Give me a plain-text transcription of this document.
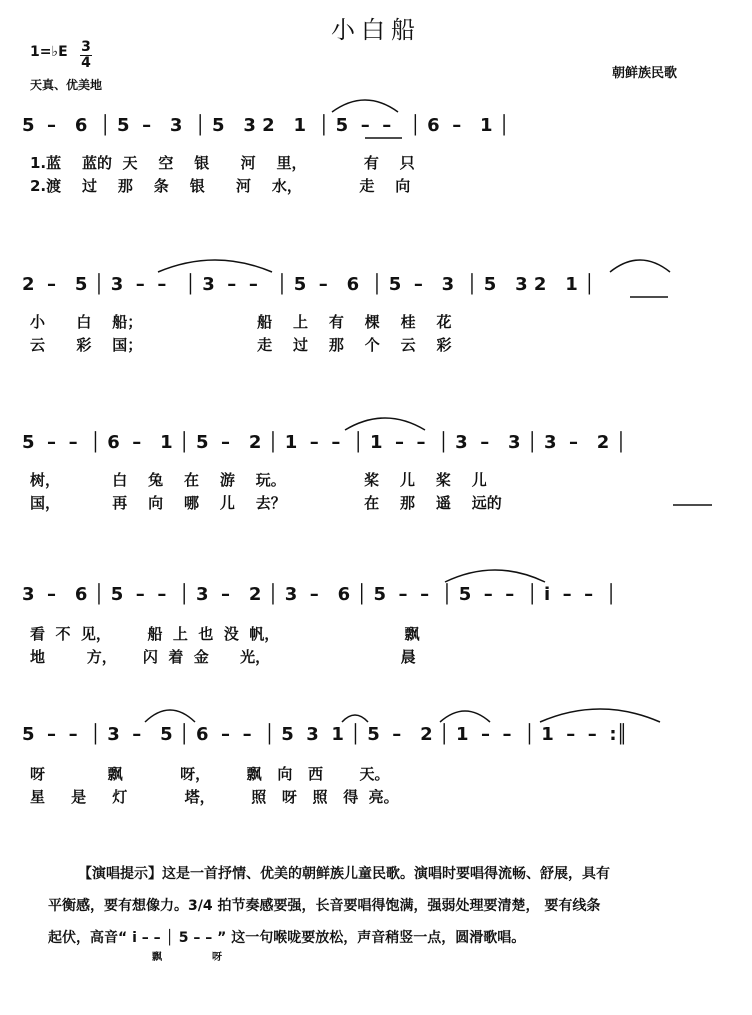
小白船
1=♭E 3
4
天真、优美地
朝鲜族民歌
5  –   6  │ 5  –   3  │ 5   3 2   1  │ 5  –  –   │ 6  –   1 │
1.蓝    蓝的  天    空    银      河    里，           有    只
2.渡    过    那    条    银      河    水，           走    向
2  –   5 │ 3  –  –   │ 3  –  –   │ 5  –   6  │ 5  –   3  │ 5   3 2   1 │
小      白    船；                      船    上    有    棵    桂    花
云      彩    国；                      走    过    那    个    云    彩
5  –  –  │ 6  –   1 │ 5  –   2 │ 1  –  –  │ 1  –  –  │ 3  –   3 │ 3  –   2 │
树，          白    兔    在    游    玩。               桨    儿    桨    儿
国，          再    向    哪    儿    去？               在    那    遥    远的
3  –   6 │ 5  –  –  │ 3  –   2 │ 3  –   6 │ 5  –  –  │ 5  –  –  │ i  –  –  │
看  不  见，       船  上  也  没  帆，                        飘
地        方，     闪  着  金      光，                         晨
5  –  –  │ 3  –   5 │ 6  –  –  │ 5  3  1 │ 5  –   2 │ 1  –  –  │ 1  –  –  :║
呀            飘           呀，       飘   向   西       天。
星     是     灯           塔，       照   呀   照   得  亮。
【演唱提示】这是一首抒情、优美的朝鲜族儿童民歌。演唱时要唱得流畅、舒展，具有
平衡感，要有想像力。3/4 拍节奏感要强，长音要唱得饱满，强弱处理要清楚， 要有线条
起伏，高音“ i – – │ 5 – – ” 这一句喉咙要放松，声音稍竖一点，圆滑歌唱。
飘	呀
